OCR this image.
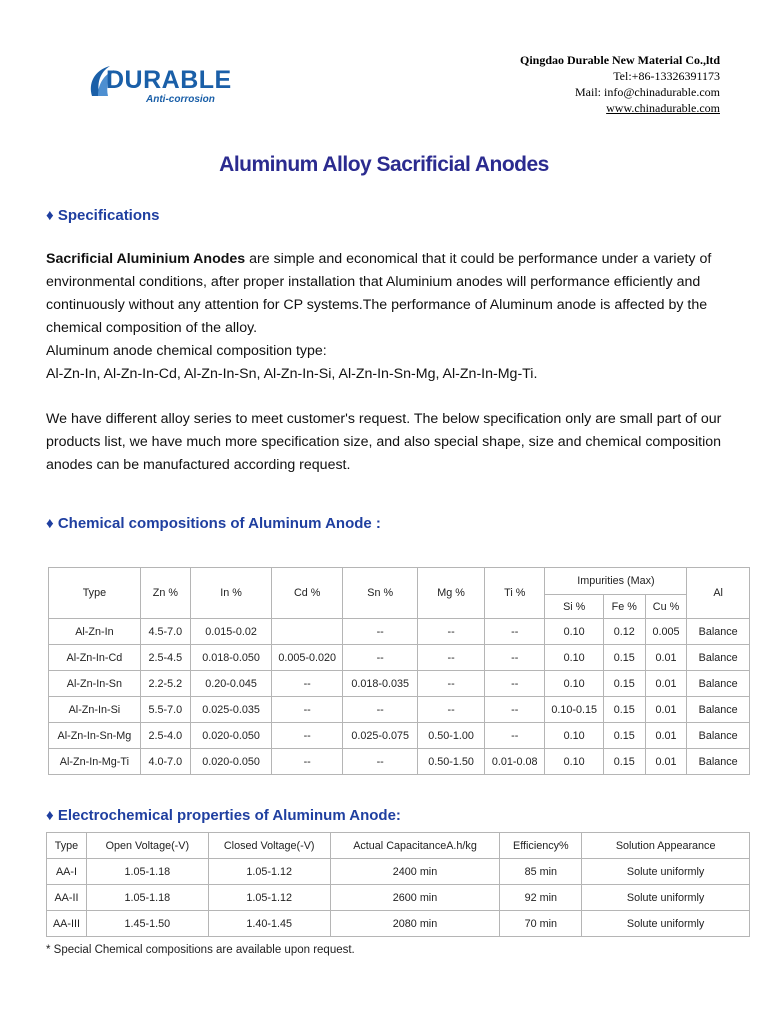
DURABLE
Anti-corrosion
Qingdao Durable New Material Co.,ltd
Tel:+86-13326391173
Mail: info@chinadurable.com
www.chinadurable.com
Aluminum Alloy Sacrificial Anodes
♦ Specifications

Sacrificial Aluminium Anodes are simple and economical that it could be performance under a variety of environmental conditions, after proper installation that Aluminium anodes will performance efficiently and continuously without any attention for CP systems.The performance of Aluminum anode is affected by the chemical composition of the alloy.

Aluminum anode chemical composition type:

Al-Zn-In, Al-Zn-In-Cd, Al-Zn-In-Sn, Al-Zn-In-Si, Al-Zn-In-Sn-Mg, Al-Zn-In-Mg-Ti.

We have different alloy series to meet customer's request. The below specification only are small part of our products list, we have much more specification size, and also special shape, size and chemical composition anodes can be manufactured according request.

♦ Chemical compositions of Aluminum Anode :
Type	Zn %	In %	Cd %	Sn %	Mg %	Ti %	Impurities (Max)			Al
							Si %	Fe %	Cu %	
Al-Zn-In	4.5-7.0	0.015-0.02		--	--	--	0.10	0.12	0.005	Balance
Al-Zn-In-Cd	2.5-4.5	0.018-0.050	0.005-0.020	--	--	--	0.10	0.15	0.01	Balance
Al-Zn-In-Sn	2.2-5.2	0.20-0.045	--	0.018-0.035	--	--	0.10	0.15	0.01	Balance
Al-Zn-In-Si	5.5-7.0	0.025-0.035	--	--	--	--	0.10-0.15	0.15	0.01	Balance
Al-Zn-In-Sn-Mg	2.5-4.0	0.020-0.050	--	0.025-0.075	0.50-1.00	--	0.10	0.15	0.01	Balance
Al-Zn-In-Mg-Ti	4.0-7.0	0.020-0.050	--	--	0.50-1.50	0.01-0.08	0.10	0.15	0.01	Balance
♦ Electrochemical properties of Aluminum Anode:
Type	Open Voltage(-V)	Closed Voltage(-V)	Actual CapacitanceA.h/kg	Efficiency%	Solution Appearance
AA-I	1.05-1.18	1.05-1.12	2400 min	85 min	Solute uniformly
AA-II	1.05-1.18	1.05-1.12	2600 min	92 min	Solute uniformly
AA-III	1.45-1.50	1.40-1.45	2080 min	70 min	Solute uniformly
* Special Chemical compositions are available upon request.
